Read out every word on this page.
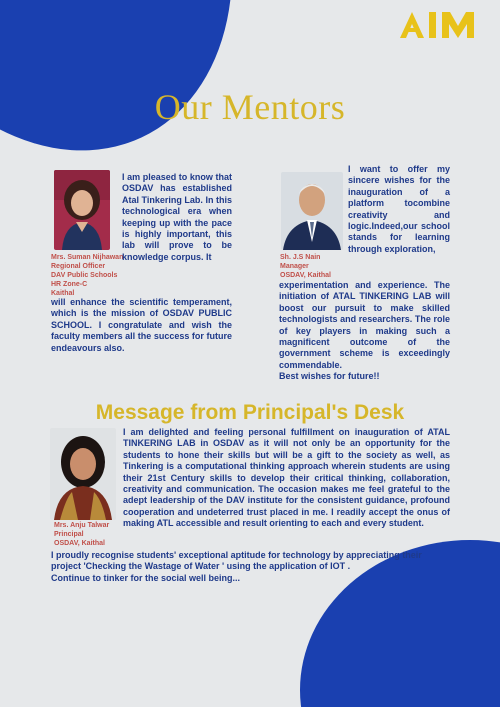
Our Mentors
Mrs. Suman Nijhawan
Regional Officer
DAV Public Schools
HR Zone-C
Kaithal

I am pleased to know that OSDAV has established Atal Tinkering Lab. In this technological era when keeping up with the pace is highly important, this lab will prove to be knowledge corpus. It

will enhance the scientific temperament, which is the mission of OSDAV PUBLIC SCHOOL. I congratulate and wish the faculty members all the success for future endeavours also.

Sh. J.S Nain
Manager
OSDAV, Kaithal

I want to offer my sincere wishes for the inauguration of a platform tocombine creativity and logic.Indeed,our school stands for learning through exploration,

experimentation and experience. The initiation of ATAL TINKERING LAB will boost our pursuit to make skilled technologists and researchers. The role of key players in making such a magnificent outcome of the government scheme is exceedingly commendable.

Best wishes for future!!

Message from Principal's Desk
Mrs. Anju Talwar
Principal
OSDAV, Kaithal

I am delighted and feeling personal fulfillment on inauguration of ATAL TINKERING LAB in OSDAV as it will not only be an opportunity for the students to hone their skills but will be a gift to the society as well, as Tinkering is a computational thinking approach wherein students are using their 21st Century skills to develop their critical thinking, collaboration, creativity and communication. The occasion makes me feel grateful to the adept leadership of the DAV institute for the consistent guidance, profound cooperation and undeterred trust placed in me. I readily accept the onus of making ATL accessible and result orienting to each and every student.

I proudly recognise students' exceptional aptitude for technology by appreciating their project 'Checking the Wastage of Water ' using the application of IOT .

Continue to tinker for the social well being...
